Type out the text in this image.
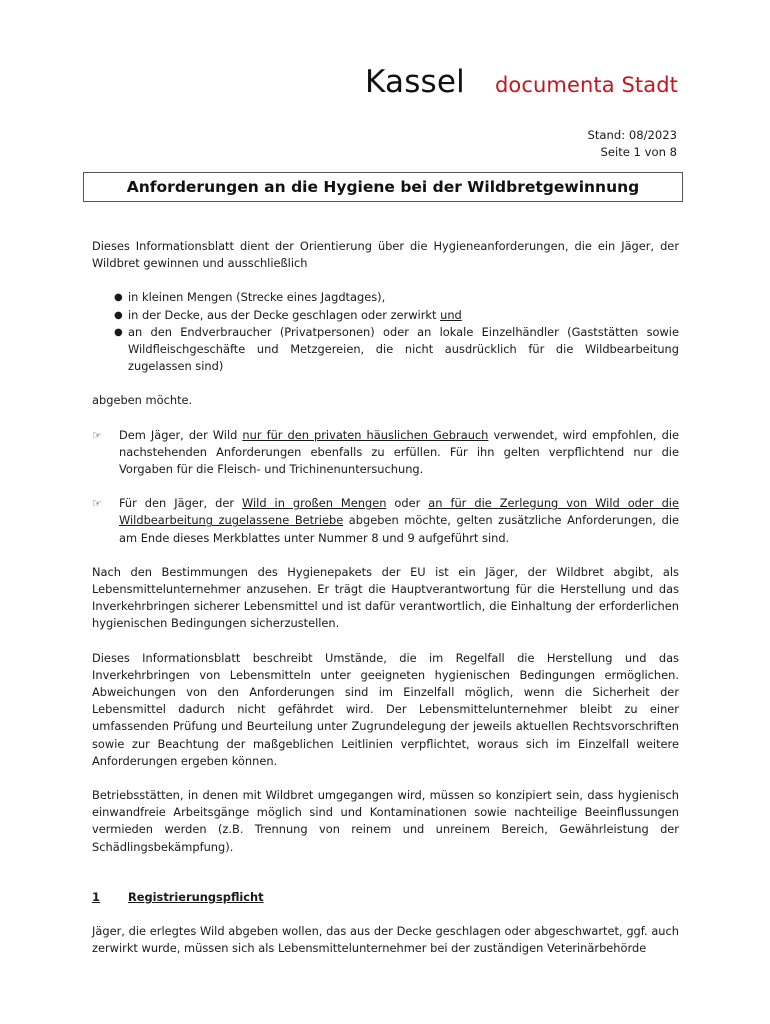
Kassel documenta Stadt
Stand: 08/2023
Seite 1 von 8
Anforderungen an die Hygiene bei der Wildbretgewinnung

Dieses Informationsblatt dient der Orientierung über die Hygieneanforderungen, die ein Jäger, der Wildbret gewinnen und ausschließlich

● in kleinen Mengen (Strecke eines Jagdtages),
● in der Decke, aus der Decke geschlagen oder zerwirkt und
● an den Endverbraucher (Privatpersonen) oder an lokale Einzelhändler (Gaststätten sowie Wildfleischgeschäfte und Metzgereien, die nicht ausdrücklich für die Wildbearbeitung zugelassen sind)

abgeben möchte.

☞ Dem Jäger, der Wild nur für den privaten häuslichen Gebrauch verwendet, wird empfohlen, die nachstehenden Anforderungen ebenfalls zu erfüllen. Für ihn gelten verpflichtend nur die Vorgaben für die Fleisch- und Trichinenuntersuchung.
☞ Für den Jäger, der Wild in großen Mengen oder an für die Zerlegung von Wild oder die Wildbearbeitung zugelassene Betriebe abgeben möchte, gelten zusätzliche Anforderungen, die am Ende dieses Merkblattes unter Nummer 8 und 9 aufgeführt sind.

Nach den Bestimmungen des Hygienepakets der EU ist ein Jäger, der Wildbret abgibt, als Lebensmittelunternehmer anzusehen. Er trägt die Hauptverantwortung für die Herstellung und das Inverkehrbringen sicherer Lebensmittel und ist dafür verantwortlich, die Einhaltung der erforderlichen hygienischen Bedingungen sicherzustellen.

Dieses Informationsblatt beschreibt Umstände, die im Regelfall die Herstellung und das Inverkehrbringen von Lebensmitteln unter geeigneten hygienischen Bedingungen ermöglichen. Abweichungen von den Anforderungen sind im Einzelfall möglich, wenn die Sicherheit der Lebensmittel dadurch nicht gefährdet wird. Der Lebensmittelunternehmer bleibt zu einer umfassenden Prüfung und Beurteilung unter Zugrundelegung der jeweils aktuellen Rechtsvorschriften sowie zur Beachtung der maßgeblichen Leitlinien verpflichtet, woraus sich im Einzelfall weitere Anforderungen ergeben können.

Betriebsstätten, in denen mit Wildbret umgegangen wird, müssen so konzipiert sein, dass hygienisch einwandfreie Arbeitsgänge möglich sind und Kontaminationen sowie nachteilige Beeinflussungen vermieden werden (z.B. Trennung von reinem und unreinem Bereich, Gewährleistung der Schädlingsbekämpfung).

1	Registrierungspflicht

Jäger, die erlegtes Wild abgeben wollen, das aus der Decke geschlagen oder abgeschwartet, ggf. auch zerwirkt wurde, müssen sich als Lebensmittelunternehmer bei der zuständigen Veterinärbehörde
